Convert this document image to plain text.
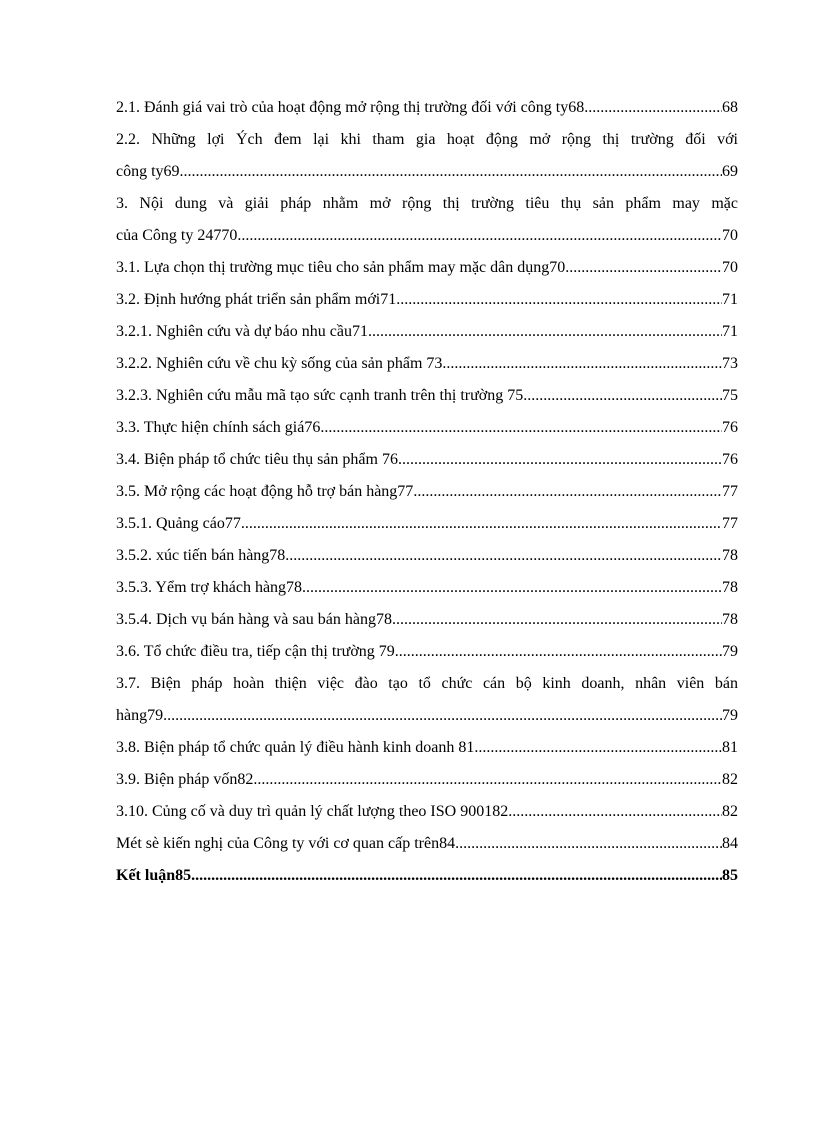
2.1. Đánh giá vai trò của hoạt động mở rộng thị trường đối với công ty68 .....	68
2.2. Những lợi Ých đem lại khi tham gia hoạt động mở rộng thị trường đối với
công ty69 .....	69
3. Nội dung và giải pháp nhằm mở rộng thị trường tiêu thụ sản phẩm may mặc
của Công ty 24770 .....	70
3.1. Lựa chọn thị trường mục tiêu cho sản phẩm may mặc dân dụng70 .....	70
3.2. Định hướng phát triển sản phẩm mới71 .....	71
3.2.1. Nghiên cứu và dự báo nhu cầu71 .....	71
3.2.2. Nghiên cứu về chu kỳ sống của sản phẩm 73 .....	73
3.2.3. Nghiên cứu mẫu mã tạo sức cạnh tranh trên thị trường 75 .....	75
3.3. Thực hiện chính sách giá76 .....	76
3.4. Biện pháp tổ chức tiêu thụ sản phẩm 76 .....	76
3.5. Mở rộng các hoạt động hỗ trợ bán hàng77 .....	77
3.5.1. Quảng cáo77 .....	77
3.5.2. xúc tiến bán hàng78 .....	78
3.5.3. Yểm trợ khách hàng78 .....	78
3.5.4. Dịch vụ bán hàng và sau bán hàng78 .....	78
3.6. Tổ chức điều tra, tiếp cận thị trường 79 .....	79
3.7. Biện pháp hoàn thiện việc đào tạo tổ chức cán bộ kinh doanh, nhân viên bán
hàng79 .....	79
3.8. Biện pháp tổ chức quản lý điều hành kinh doanh 81 .....	81
3.9. Biện pháp vốn82 .....	82
3.10. Củng cố và duy trì quản lý chất lượng theo ISO 900182 .....	82
Mét sè kiến nghị của Công ty với cơ quan cấp trên84 .....	84
Kết luận85 .....	85
